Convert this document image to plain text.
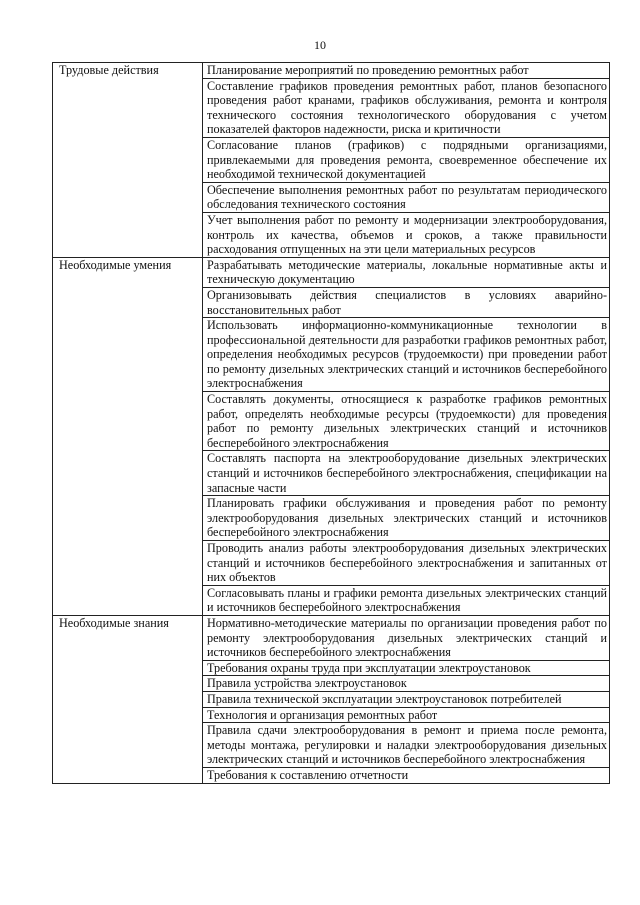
10
Трудовые действия	Планирование мероприятий по проведению ремонтных работ
	Составление графиков проведения ремонтных работ, планов безопасного проведения работ кранами, графиков обслуживания, ремонта и контроля технического состояния технологического оборудования с учетом показателей факторов надежности, риска и критичности
	Согласование планов (графиков) с подрядными организациями, привлекаемыми для проведения ремонта, своевременное обеспечение их необходимой технической документацией
	Обеспечение выполнения ремонтных работ по результатам периодического обследования технического состояния
	Учет выполнения работ по ремонту и модернизации электрооборудования, контроль их качества, объемов и сроков, а также правильности расходования отпущенных на эти цели материальных ресурсов
Необходимые умения	Разрабатывать методические материалы, локальные нормативные акты и техническую документацию
	Организовывать действия специалистов в условиях аварийно-восстановительных работ
	Использовать информационно-коммуникационные технологии в профессиональной деятельности для разработки графиков ремонтных работ, определения необходимых ресурсов (трудоемкости) при проведении работ по ремонту дизельных электрических станций и источников бесперебойного электроснабжения
	Составлять документы, относящиеся к разработке графиков ремонтных работ, определять необходимые ресурсы (трудоемкости) для проведения работ по ремонту дизельных электрических станций и источников бесперебойного электроснабжения
	Составлять паспорта на электрооборудование дизельных электрических станций и источников бесперебойного электроснабжения, спецификации на запасные части
	Планировать графики обслуживания и проведения работ по ремонту электрооборудования дизельных электрических станций и источников бесперебойного электроснабжения
	Проводить анализ работы электрооборудования дизельных электрических станций и источников бесперебойного электроснабжения и запитанных от них объектов
	Согласовывать планы и графики ремонта дизельных электрических станций и источников бесперебойного электроснабжения
Необходимые знания	Нормативно-методические материалы по организации проведения работ по ремонту электрооборудования дизельных электрических станций и источников бесперебойного электроснабжения
	Требования охраны труда при эксплуатации электроустановок
	Правила устройства электроустановок
	Правила технической эксплуатации электроустановок потребителей
	Технология и организация ремонтных работ
	Правила сдачи электрооборудования в ремонт и приема после ремонта, методы монтажа, регулировки и наладки электрооборудования дизельных электрических станций и источников бесперебойного электроснабжения
	Требования к составлению отчетности
